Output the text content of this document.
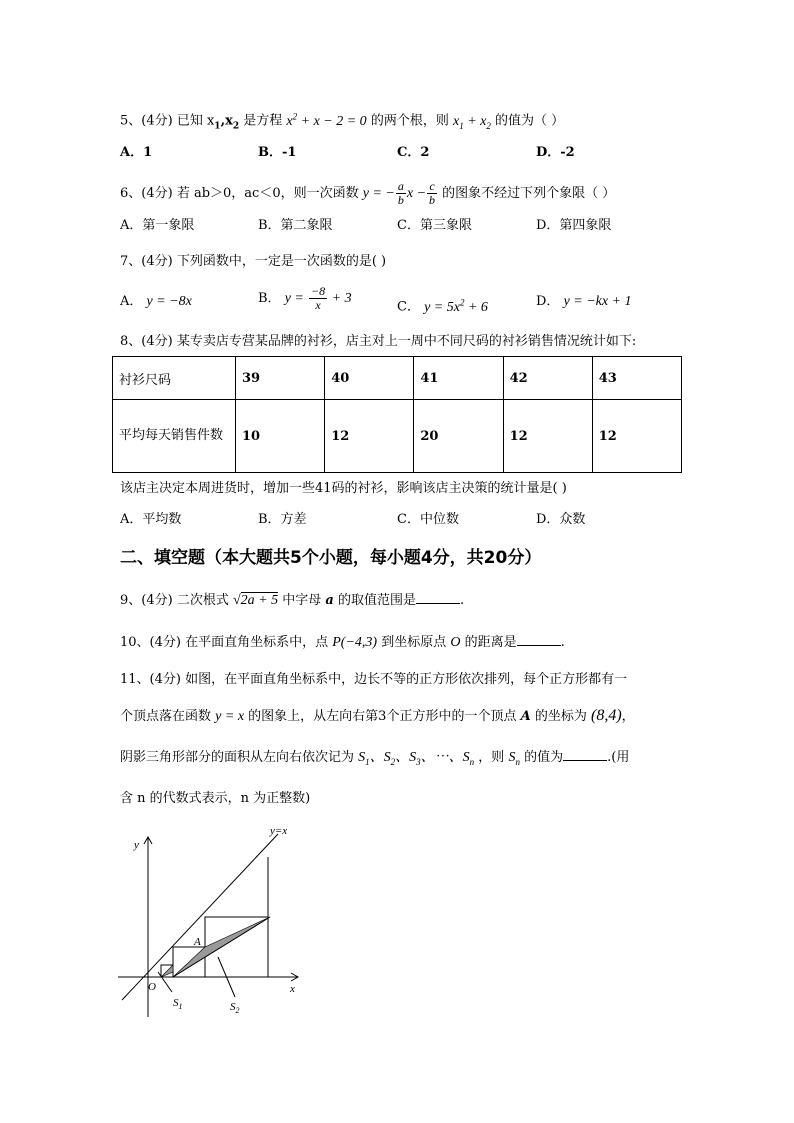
5、(4分) 已知 $x_1,x_2$ 是方程 $x^2 + x - 2 = 0$ 的两个根，则 $x_1 + x_2$ 的值为（ ）
A．1	B．-1	C．2	D．-2
6、(4分) 若 ab＞0，ac＜0，则一次函数 y = − $\frac{a}{b}$ $x - \frac{c}{b}$ 的图象不经过下列个象限（ ）
A．第一象限	B．第二象限	C．第三象限	D．第四象限
7、(4分) 下列函数中，一定是一次函数的是( )
A． y = −8x	B． $y = \frac{-8}{x} + 3$
C． $y = 5x^2 + 6$	D． y = −kx + 1
8、(4分) 某专卖店专营某品牌的衬衫，店主对上一周中不同尺码的衬衫销售情况统计如下:
衬衫尺码	39	40	41	42	43
平均每天销售件数	10	12	20	12	12
该店主决定本周进货时，增加一些41码的衬衫，影响该店主决策的统计量是( )
A．平均数	B．方差	C．中位数	D．众数
二、填空题（本大题共5个小题，每小题4分，共20分）
9、(4分) 二次根式 √2a + 5 中字母 a 的取值范围是	.
10、(4分) 在平面直角坐标系中，点 P(−4,3) 到坐标原点 O 的距离是	.
11、(4分) 如图，在平面直角坐标系中，边长不等的正方形依次排列，每个正方形都有一
个顶点落在函数 y = x 的图象上，从左向右第3个正方形中的一个顶点 A 的坐标为 (8,4)，
阴影三角形部分的面积从左向右依次记为 $S_1$、$S_2$、$S_3$、⋯、$S_n$ ，则 $S_n$ 的值为	.(用
含 n 的代数式表示，n 为正整数)
y=x
y
x
O
A
$S_1$	$S_2$
